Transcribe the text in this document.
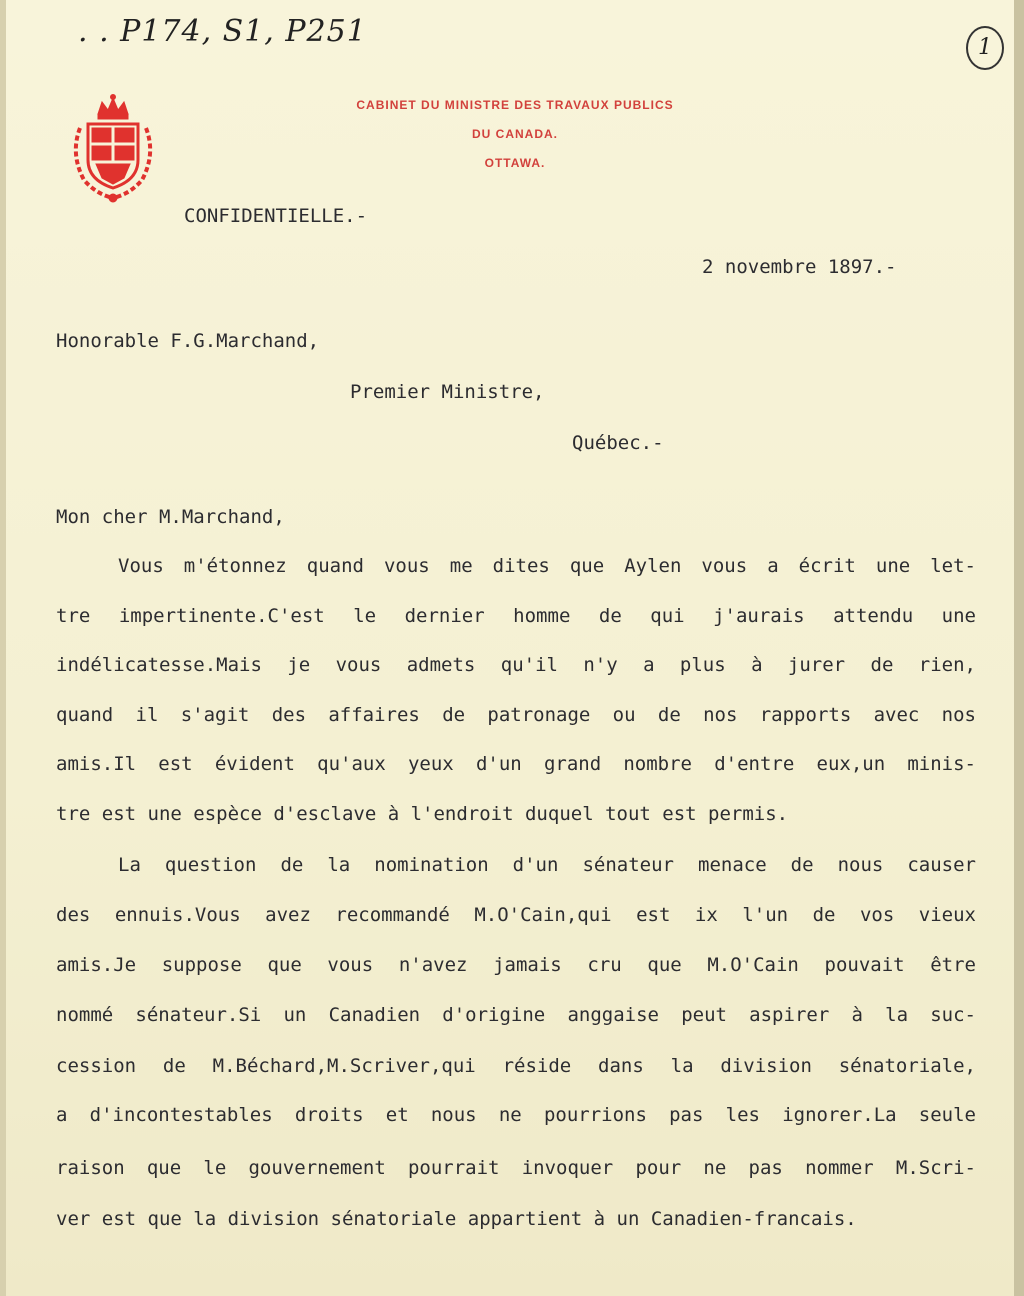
. . P174, S1, P251	1
CABINET DU MINISTRE DES TRAVAUX PUBLICS
DU CANADA.
OTTAWA.
CONFIDENTIELLE.-
2 novembre 1897.-
Honorable F.G.Marchand,
Premier Ministre,
Québec.-
Mon cher M.Marchand,
Vous m'étonnez quand vous me dites que Aylen vous a écrit une let-
tre impertinente.C'est le dernier homme de qui j'aurais attendu une
indélicatesse.Mais je vous admets qu'il n'y a plus à jurer de rien,
quand il s'agit des affaires de patronage ou de nos rapports avec nos
amis.Il est évident qu'aux yeux d'un grand nombre d'entre eux,un minis-
tre est une espèce d'esclave à l'endroit duquel tout est permis.
La question de la nomination d'un sénateur menace de nous causer
des ennuis.Vous avez recommandé M.O'Cain,qui est ix l'un de vos vieux
amis.Je suppose que vous n'avez jamais cru que M.O'Cain pouvait être
nommé sénateur.Si un Canadien d'origine anggaise peut aspirer à la suc-
cession de M.Béchard,M.Scriver,qui réside dans la division sénatoriale,
a d'incontestables droits et nous ne pourrions pas les ignorer.La seule
raison que le gouvernement pourrait invoquer pour ne pas nommer M.Scri-
ver est que la division sénatoriale appartient à un Canadien-francais.
